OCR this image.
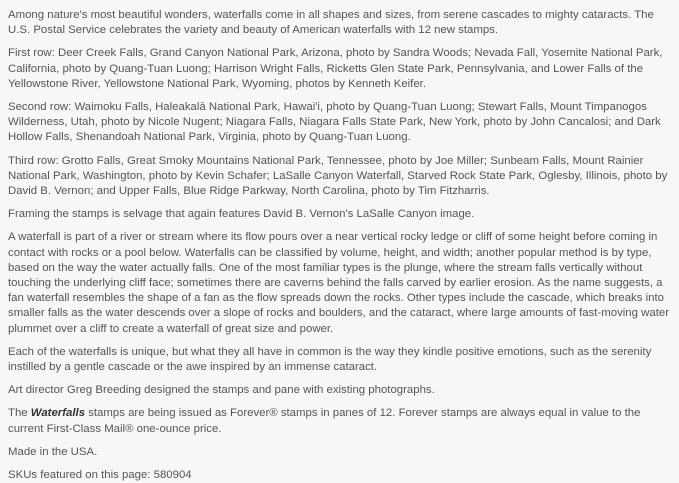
Among nature's most beautiful wonders, waterfalls come in all shapes and sizes, from serene cascades to mighty cataracts. The U.S. Postal Service celebrates the variety and beauty of American waterfalls with 12 new stamps.

First row: Deer Creek Falls, Grand Canyon National Park, Arizona, photo by Sandra Woods; Nevada Fall, Yosemite National Park, California, photo by Quang-Tuan Luong; Harrison Wright Falls, Ricketts Glen State Park, Pennsylvania, and Lower Falls of the Yellowstone River, Yellowstone National Park, Wyoming, photos by Kenneth Keifer.

Second row: Waimoku Falls, Haleakalā National Park, Hawai'i, photo by Quang-Tuan Luong; Stewart Falls, Mount Timpanogos Wilderness, Utah, photo by Nicole Nugent; Niagara Falls, Niagara Falls State Park, New York, photo by John Cancalosi; and Dark Hollow Falls, Shenandoah National Park, Virginia, photo by Quang-Tuan Luong.

Third row: Grotto Falls, Great Smoky Mountains National Park, Tennessee, photo by Joe Miller; Sunbeam Falls, Mount Rainier National Park, Washington, photo by Kevin Schafer; LaSalle Canyon Waterfall, Starved Rock State Park, Oglesby, Illinois, photo by David B. Vernon; and Upper Falls, Blue Ridge Parkway, North Carolina, photo by Tim Fitzharris.

Framing the stamps is selvage that again features David B. Vernon's LaSalle Canyon image.

A waterfall is part of a river or stream where its flow pours over a near vertical rocky ledge or cliff of some height before coming in contact with rocks or a pool below. Waterfalls can be classified by volume, height, and width; another popular method is by type, based on the way the water actually falls. One of the most familiar types is the plunge, where the stream falls vertically without touching the underlying cliff face; sometimes there are caverns behind the falls carved by earlier erosion. As the name suggests, a fan waterfall resembles the shape of a fan as the flow spreads down the rocks. Other types include the cascade, which breaks into smaller falls as the water descends over a slope of rocks and boulders, and the cataract, where large amounts of fast-moving water plummet over a cliff to create a waterfall of great size and power.

Each of the waterfalls is unique, but what they all have in common is the way they kindle positive emotions, such as the serenity instilled by a gentle cascade or the awe inspired by an immense cataract.

Art director Greg Breeding designed the stamps and pane with existing photographs.

The Waterfalls stamps are being issued as Forever® stamps in panes of 12. Forever stamps are always equal in value to the current First-Class Mail® one-ounce price.

Made in the USA.

SKUs featured on this page: 580904
